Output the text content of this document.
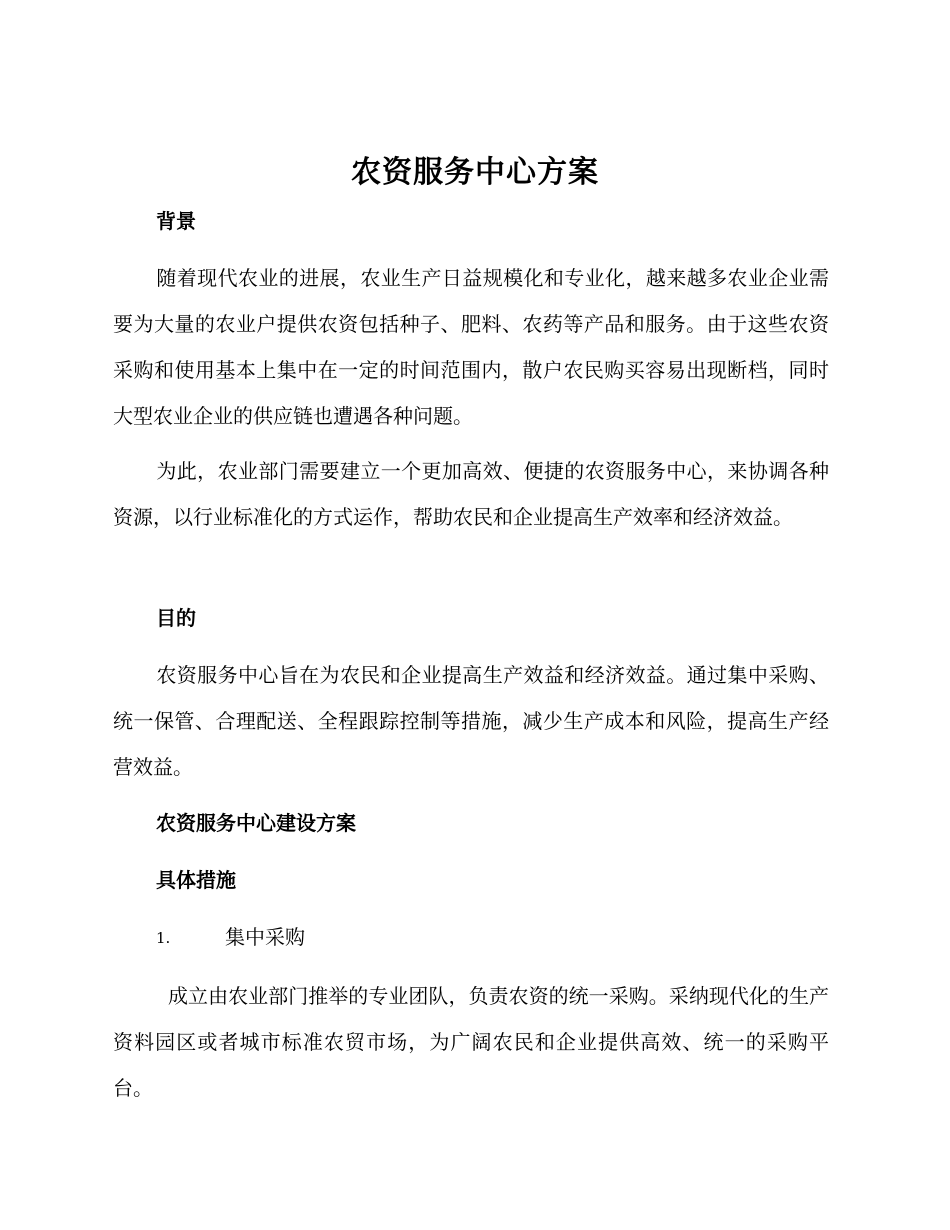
农资服务中心方案
背景

随着现代农业的进展，农业生产日益规模化和专业化，越来越多农业企业需要为大量的农业户提供农资包括种子、肥料、农药等产品和服务。由于这些农资采购和使用基本上集中在一定的时间范围内，散户农民购买容易出现断档，同时大型农业企业的供应链也遭遇各种问题。

为此，农业部门需要建立一个更加高效、便捷的农资服务中心，来协调各种资源，以行业标准化的方式运作，帮助农民和企业提高生产效率和经济效益。

目的

农资服务中心旨在为农民和企业提高生产效益和经济效益。通过集中采购、统一保管、合理配送、全程跟踪控制等措施，减少生产成本和风险，提高生产经营效益。

农资服务中心建设方案
具体措施
1.	集中采购

成立由农业部门推举的专业团队，负责农资的统一采购。采纳现代化的生产资料园区或者城市标准农贸市场，为广阔农民和企业提供高效、统一的采购平台。
